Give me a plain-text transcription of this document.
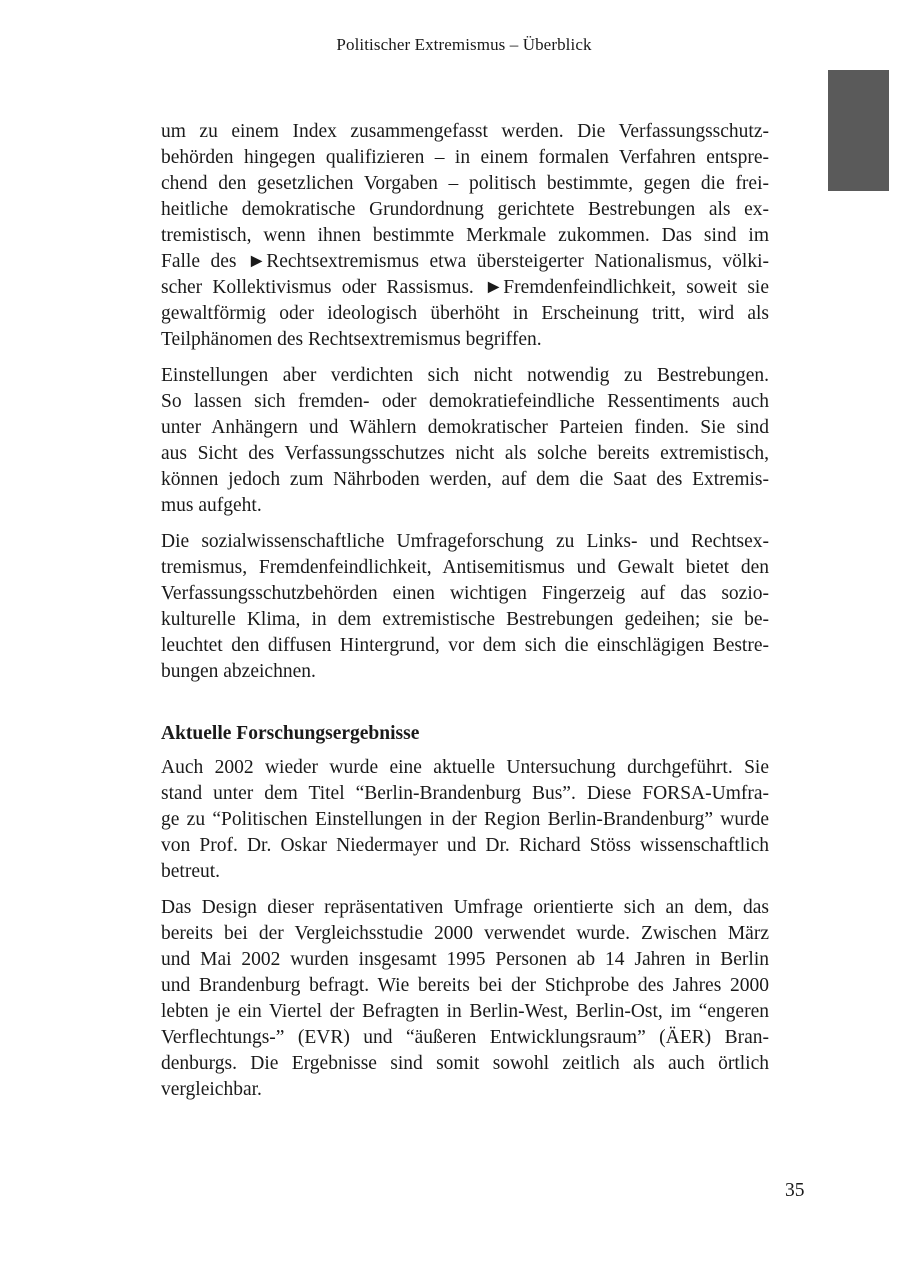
Politischer Extremismus – Überblick
um zu einem Index zusammengefasst werden. Die Verfassungsschutz-
behörden hingegen qualifizieren – in einem formalen Verfahren entspre-
chend den gesetzlichen Vorgaben – politisch bestimmte, gegen die frei-
heitliche demokratische Grundordnung gerichtete Bestrebungen als ex-
tremistisch, wenn ihnen bestimmte Merkmale zukommen. Das sind im
Falle des ►Rechtsextremismus etwa übersteigerter Nationalismus, völki-
scher Kollektivismus oder Rassismus. ►Fremdenfeindlichkeit, soweit sie
gewaltförmig oder ideologisch überhöht in Erscheinung tritt, wird als
Teilphänomen des Rechtsextremismus begriffen.
Einstellungen aber verdichten sich nicht notwendig zu Bestrebungen.
So lassen sich fremden- oder demokratiefeindliche Ressentiments auch
unter Anhängern und Wählern demokratischer Parteien finden. Sie sind
aus Sicht des Verfassungsschutzes nicht als solche bereits extremistisch,
können jedoch zum Nährboden werden, auf dem die Saat des Extremis-
mus aufgeht.
Die sozialwissenschaftliche Umfrageforschung zu Links- und Rechtsex-
tremismus, Fremdenfeindlichkeit, Antisemitismus und Gewalt bietet den
Verfassungsschutzbehörden einen wichtigen Fingerzeig auf das sozio-
kulturelle Klima, in dem extremistische Bestrebungen gedeihen; sie be-
leuchtet den diffusen Hintergrund, vor dem sich die einschlägigen Bestre-
bungen abzeichnen.
Aktuelle Forschungsergebnisse
Auch 2002 wieder wurde eine aktuelle Untersuchung durchgeführt. Sie
stand unter dem Titel “Berlin-Brandenburg Bus”. Diese FORSA-Umfra-
ge zu “Politischen Einstellungen in der Region Berlin-Brandenburg” wurde
von Prof. Dr. Oskar Niedermayer und Dr. Richard Stöss wissenschaftlich
betreut.
Das Design dieser repräsentativen Umfrage orientierte sich an dem, das
bereits bei der Vergleichsstudie 2000 verwendet wurde. Zwischen März
und Mai 2002 wurden insgesamt 1995 Personen ab 14 Jahren in Berlin
und Brandenburg befragt. Wie bereits bei der Stichprobe des Jahres 2000
lebten je ein Viertel der Befragten in Berlin-West, Berlin-Ost, im “engeren
Verflechtungs-” (EVR) und “äußeren Entwicklungsraum” (ÄER) Bran-
denburgs. Die Ergebnisse sind somit sowohl zeitlich als auch örtlich
vergleichbar.
35
